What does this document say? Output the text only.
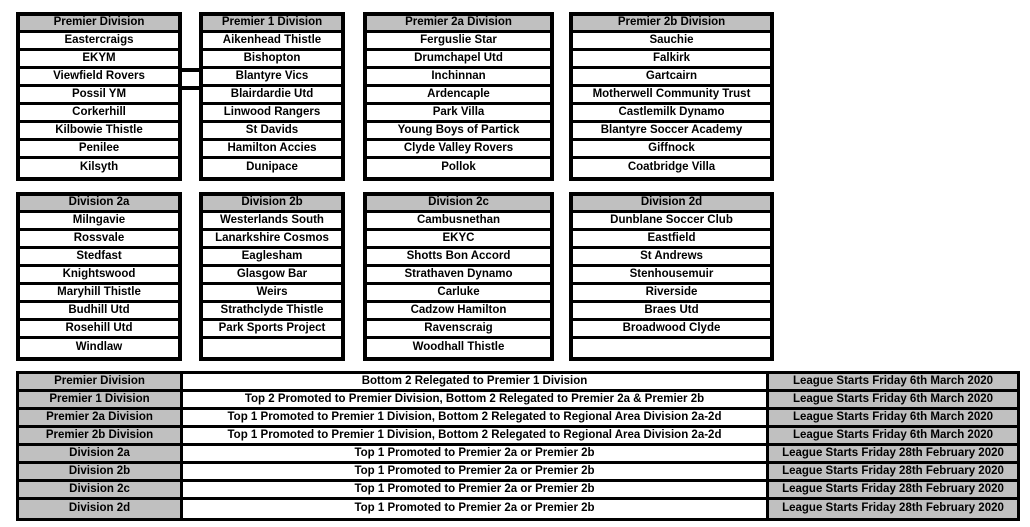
Premier Division
Eastercraigs
EKYM
Viewfield Rovers
Possil YM
Corkerhill
Kilbowie Thistle
Penilee
Kilsyth
Premier 1 Division
Aikenhead Thistle
Bishopton
Blantyre Vics
Blairdardie Utd
Linwood Rangers
St Davids
Hamilton Accies
Dunipace
Premier 2a Division
Ferguslie Star
Drumchapel Utd
Inchinnan
Ardencaple
Park Villa
Young Boys of Partick
Clyde Valley Rovers
Pollok
Premier 2b Division
Sauchie
Falkirk
Gartcairn
Motherwell Community Trust
Castlemilk Dynamo
Blantyre Soccer Academy
Giffnock
Coatbridge Villa
Division 2a
Milngavie
Rossvale
Stedfast
Knightswood
Maryhill Thistle
Budhill Utd
Rosehill Utd
Windlaw
Division 2b
Westerlands South
Lanarkshire Cosmos
Eaglesham
Glasgow Bar
Weirs
Strathclyde Thistle
Park Sports Project
Division 2c
Cambusnethan
EKYC
Shotts Bon Accord
Strathaven Dynamo
Carluke
Cadzow Hamilton
Ravenscraig
Woodhall Thistle
Division 2d
Dunblane Soccer Club
Eastfield
St Andrews
Stenhousemuir
Riverside
Braes Utd
Broadwood Clyde
Premier Division	Bottom 2 Relegated to Premier 1 Division	League Starts Friday 6th March 2020
Premier 1 Division	Top 2 Promoted to Premier Division, Bottom 2 Relegated to Premier 2a & Premier 2b	League Starts Friday 6th March 2020
Premier 2a Division	Top 1 Promoted to Premier 1 Division, Bottom 2 Relegated to Regional Area Division 2a-2d	League Starts Friday 6th March 2020
Premier 2b Division	Top 1 Promoted to Premier 1 Division, Bottom 2 Relegated to Regional Area Division 2a-2d	League Starts Friday 6th March 2020
Division 2a	Top 1 Promoted to Premier 2a or Premier 2b	League Starts Friday 28th February 2020
Division 2b	Top 1 Promoted to Premier 2a or Premier 2b	League Starts Friday 28th February 2020
Division 2c	Top 1 Promoted to Premier 2a or Premier 2b	League Starts Friday 28th February 2020
Division 2d	Top 1 Promoted to Premier 2a or Premier 2b	League Starts Friday 28th February 2020
